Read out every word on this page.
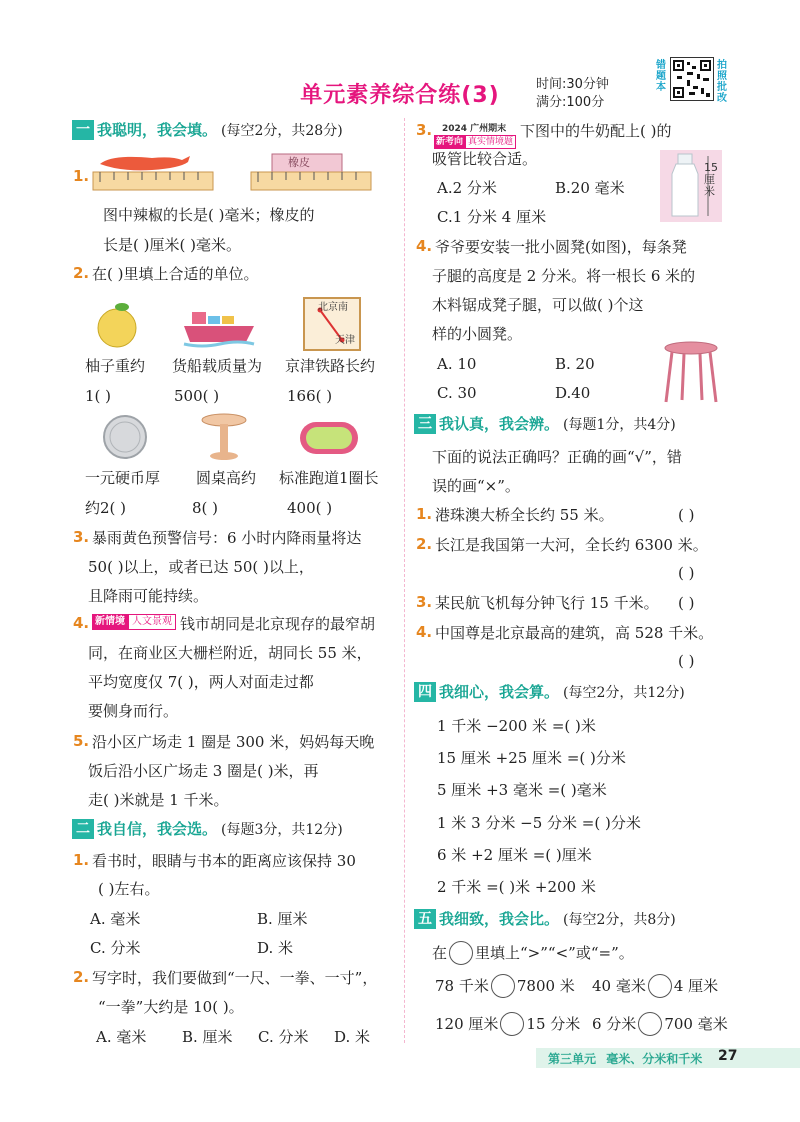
单元素养综合练(3)	时间:30分钟
满分:100分
错题本
拍照批改
一 我聪明，我会填。 (每空2分，共28分)
1.
橡皮
图中辣椒的长是( )毫米；橡皮的
长是( )厘米( )毫米。
2. 在( )里填上合适的单位。
北京南
天津
柚子重约 货船载质量为 京津铁路长约
1( )	500( )	166( )
一元硬币厚 圆桌高约 标准跑道1圈长
约2( )	8( )	400( )
3. 暴雨黄色预警信号：6 小时内降雨量将达
50( )以上，或者已达 50( )以上，
且降雨可能持续。
4. 新情境 人文景观 钱市胡同是北京现存的最窄胡
同，在商业区大栅栏附近，胡同长 55 米，
平均宽度仅 7( )，两人对面走过都
要侧身而行。
5. 沿小区广场走 1 圈是 300 米，妈妈每天晚
饭后沿小区广场走 3 圈是( )米，再
走( )米就是 1 千米。
二 我自信，我会选。 (每题3分，共12分)
1. 看书时，眼睛与书本的距离应该保持 30
( )左右。
A. 毫米	B. 厘米
C. 分米	D. 米
2. 写字时，我们要做到“一尺、一拳、一寸”，
“一拳”大约是 10( )。
A. 毫米 B. 厘米 C. 分米 D. 米
3.	2024 广州期末
新考向 真实情境题
下图中的牛奶配上( )的
吸管比较合适。
A.2 分米	B.20 毫米
C.1 分米 4 厘米
15厘米
4. 爷爷要安装一批小圆凳(如图)，每条凳
子腿的高度是 2 分米。将一根长 6 米的
木料锯成凳子腿，可以做( )个这
样的小圆凳。
A. 10	B. 20
C. 30	D.40
三 我认真，我会辨。 (每题1分，共4分)
下面的说法正确吗？正确的画“√”，错
误的画“×”。
1. 港珠澳大桥全长约 55 米。	( )
2. 长江是我国第一大河，全长约 6300 米。
( )
3. 某民航飞机每分钟飞行 15 千米。 ( )
4. 中国尊是北京最高的建筑，高 528 千米。
( )
四 我细心，我会算。 (每空2分，共12分)
1 千米 −200 米 =( )米
15 厘米 +25 厘米 =( )分米
5 厘米 +3 毫米 =( )毫米
1 米 3 分米 −5 分米 =( )分米
6 米 +2 厘米 =( )厘米
2 千米 =( )米 +200 米
五 我细致，我会比。 (每空2分，共8分)
在 里填上“>”“<”或“=”。
78 千米 7800 米 40 毫米 4 厘米
120 厘米 15 分米 6 分米 700 毫米
第三单元 毫米、分米和千米 27
